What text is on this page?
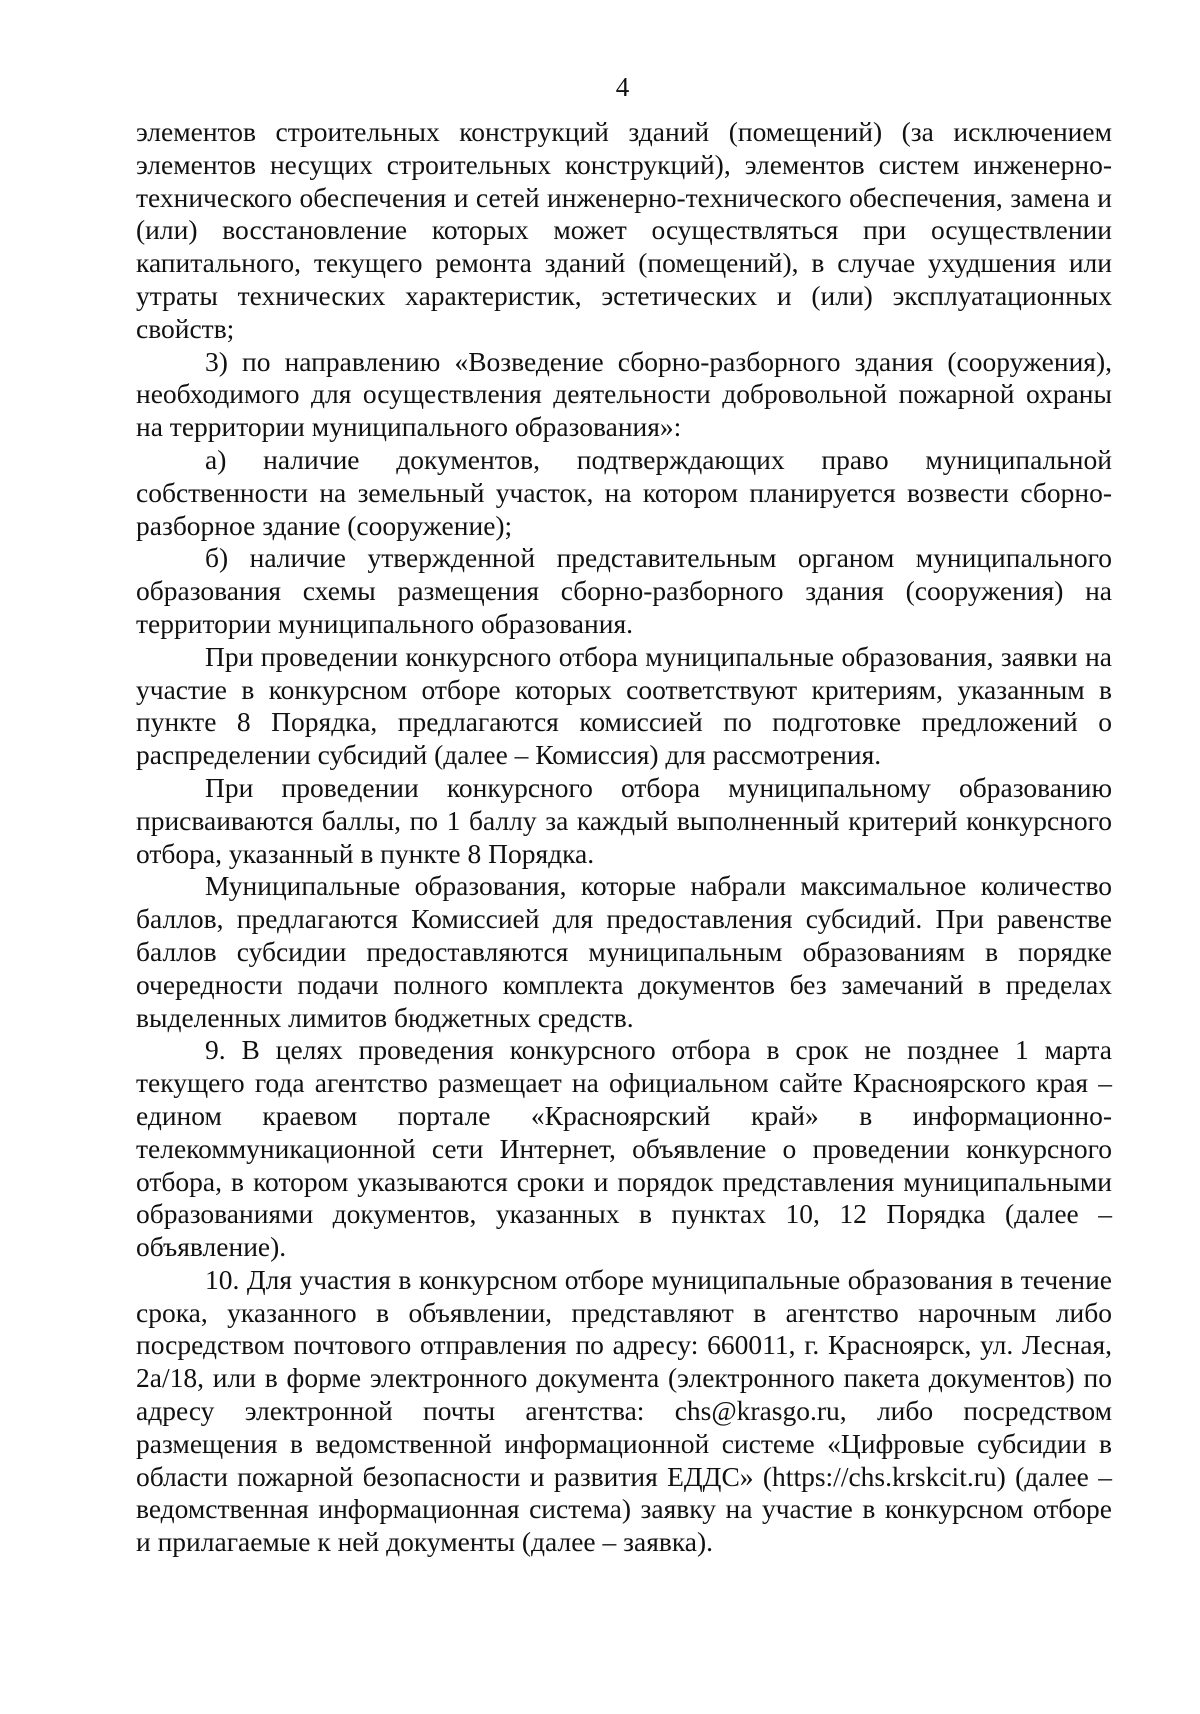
4

элементов строительных конструкций зданий (помещений) (за исключением элементов несущих строительных конструкций), элементов систем инженерно-технического обеспечения и сетей инженерно-технического обеспечения, замена и (или) восстановление которых может осуществляться при осуществлении капитального, текущего ремонта зданий (помещений), в случае ухудшения или утраты технических характеристик, эстетических и (или) эксплуатационных свойств;

3) по направлению «Возведение сборно-разборного здания (сооружения), необходимого для осуществления деятельности добровольной пожарной охраны на территории муниципального образования»:

а) наличие документов, подтверждающих право муниципальной собственности на земельный участок, на котором планируется возвести сборно-разборное здание (сооружение);

б) наличие утвержденной представительным органом муниципального образования схемы размещения сборно-разборного здания (сооружения) на территории муниципального образования.

При проведении конкурсного отбора муниципальные образования, заявки на участие в конкурсном отборе которых соответствуют критериям, указанным в пункте 8 Порядка, предлагаются комиссией по подготовке предложений о распределении субсидий (далее – Комиссия) для рассмотрения.

При проведении конкурсного отбора муниципальному образованию присваиваются баллы, по 1 баллу за каждый выполненный критерий конкурсного отбора, указанный в пункте 8 Порядка.

Муниципальные образования, которые набрали максимальное количество баллов, предлагаются Комиссией для предоставления субсидий. При равенстве баллов субсидии предоставляются муниципальным образованиям в порядке очередности подачи полного комплекта документов без замечаний в пределах выделенных лимитов бюджетных средств.

9. В целях проведения конкурсного отбора в срок не позднее 1 марта текущего года агентство размещает на официальном сайте Красноярского края – едином краевом портале «Красноярский край» в информационно-телекоммуникационной сети Интернет, объявление о проведении конкурсного отбора, в котором указываются сроки и порядок представления муниципальными образованиями документов, указанных в пунктах 10, 12 Порядка (далее – объявление).

10. Для участия в конкурсном отборе муниципальные образования в течение срока, указанного в объявлении, представляют в агентство нарочным либо посредством почтового отправления по адресу: 660011, г. Красноярск, ул. Лесная, 2а/18, или в форме электронного документа (электронного пакета документов) по адресу электронной почты агентства: chs@krasgo.ru, либо посредством размещения в ведомственной информационной системе «Цифровые субсидии в области пожарной безопасности и развития ЕДДС» (https://chs.krskcit.ru) (далее – ведомственная информационная система) заявку на участие в конкурсном отборе и прилагаемые к ней документы (далее – заявка).
